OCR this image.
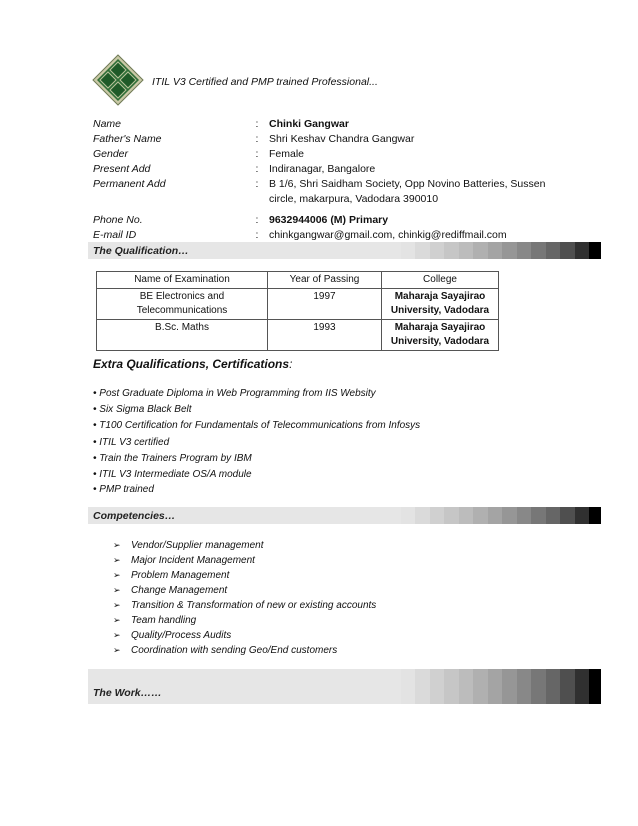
ITIL V3 Certified and PMP trained Professional...
Name	:	Chinki Gangwar
Father's Name	:	Shri Keshav Chandra Gangwar
Gender	:	Female
Present Add	:	Indiranagar, Bangalore
Permanent Add	:	B 1/6, Shri Saidham Society, Opp Novino Batteries, Sussen
circle, makarpura, Vadodara 390010
Phone No.	:	9632944006 (M) Primary
E-mail ID	:	chinkgangwar@gmail.com, chinkig@rediffmail.com
The Qualification…
Name of Examination	Year of Passing	College
BE Electronics and
Telecommunications	1997	Maharaja Sayajirao
University, Vadodara
B.Sc. Maths	1993	Maharaja Sayajirao
University, Vadodara
Extra Qualifications, Certifications:
• Post Graduate Diploma in Web Programming from IIS Websity
• Six Sigma Black Belt
• T100 Certification for Fundamentals of Telecommunications from Infosys
• ITIL V3 certified
• Train the Trainers Program by IBM
• ITIL V3 Intermediate OS/A module
• PMP trained
Competencies…
➢	Vendor/Supplier management
➢	Major Incident Management
➢	Problem Management
➢	Change Management
➢	Transition & Transformation of new or existing accounts
➢	Team handling
➢	Quality/Process Audits
➢	Coordination with sending Geo/End customers
The Work……
